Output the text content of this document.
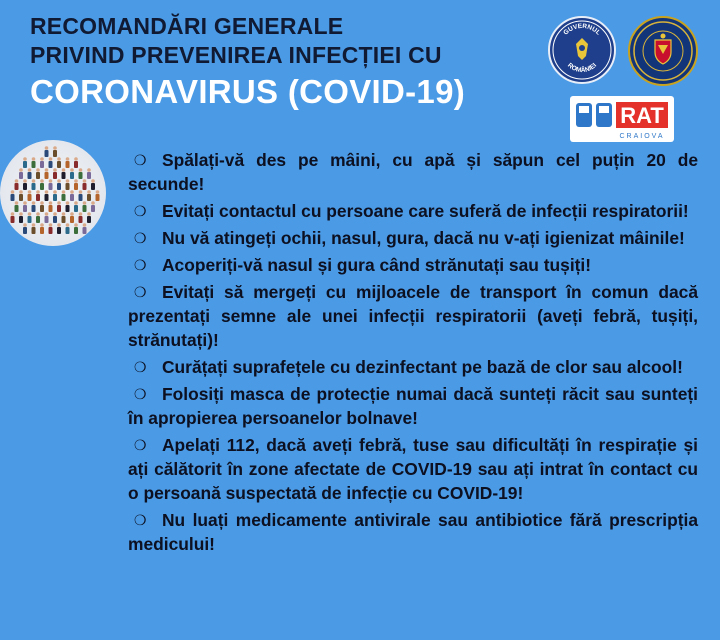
RECOMANDĂRI GENERALE
PRIVIND PREVENIREA INFECȚIEI CU
CORONAVIRUS (COVID-19)
GUVERNUL
ROMÂNIEI
RAT
CRAIOVA
❍ Spălați-vă des pe mâini, cu apă și săpun cel puțin 20 de secunde!
❍ Evitați contactul cu persoane care suferă de infecții respiratorii!
❍ Nu vă atingeți ochii, nasul, gura, dacă nu v-ați igienizat mâinile!
❍ Acoperiți-vă nasul și gura când strănutați sau tușiți!
❍ Evitați să mergeți cu mijloacele de transport în comun dacă prezentați semne ale unei infecții respiratorii (aveți febră, tușiți, strănutați)!
❍ Curățați suprafețele cu dezinfectant pe bază de clor sau alcool!
❍ Folosiți masca de protecție numai dacă sunteți răcit sau sunteți în apropierea persoanelor bolnave!
❍ Apelați 112, dacă aveți febră, tuse sau dificultăți în respirație și ați călătorit în zone afectate de COVID-19 sau ați intrat în contact cu o persoană suspectată de infecție cu COVID-19!
❍ Nu luați medicamente antivirale sau antibiotice fără prescripția medicului!
